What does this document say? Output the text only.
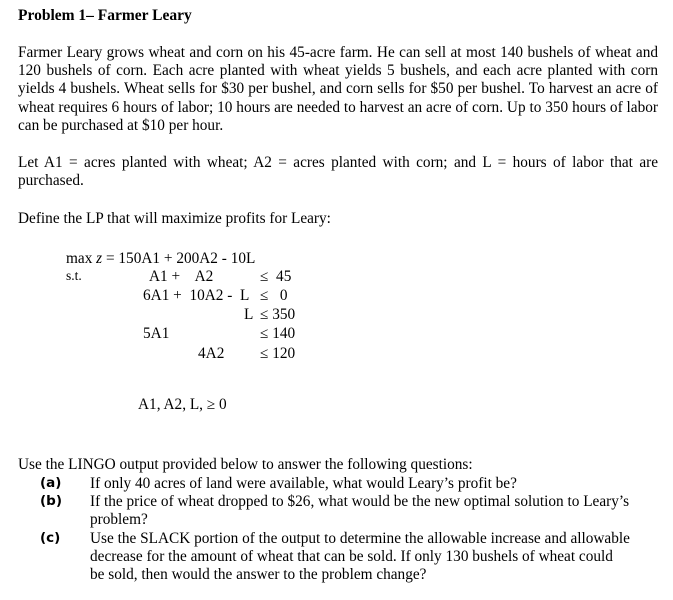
Problem 1– Farmer Leary
Farmer Leary grows wheat and corn on his 45-acre farm. He can sell at most 140 bushels of wheat and 120 bushels of corn. Each acre planted with wheat yields 5 bushels, and each acre planted with corn yields 4 bushels. Wheat sells for $30 per bushel, and corn sells for $50 per bushel. To harvest an acre of wheat requires 6 hours of labor; 10 hours are needed to harvest an acre of corn. Up to 350 hours of labor can be purchased at $10 per hour.
Let A1 = acres planted with wheat; A2 = acres planted with corn; and L = hours of labor that are purchased.
Define the LP that will maximize profits for Leary:
max z = 150A1 + 200A2 - 10L
s.t.	A1 +    A2	≤  45
6A1 +  10A2 -  L ≤   0
L ≤ 350
5A1	≤ 140
4A2 ≤ 120
A1, A2, L, ≥ 0
Use the LINGO output provided below to answer the following questions:
(a) If only 40 acres of land were available, what would Leary’s profit be?
(b) If the price of wheat dropped to $26, what would be the new optimal solution to Leary’s problem?
(c) Use the SLACK portion of the output to determine the allowable increase and allowable decrease for the amount of wheat that can be sold. If only 130 bushels of wheat could be sold, then would the answer to the problem change?
